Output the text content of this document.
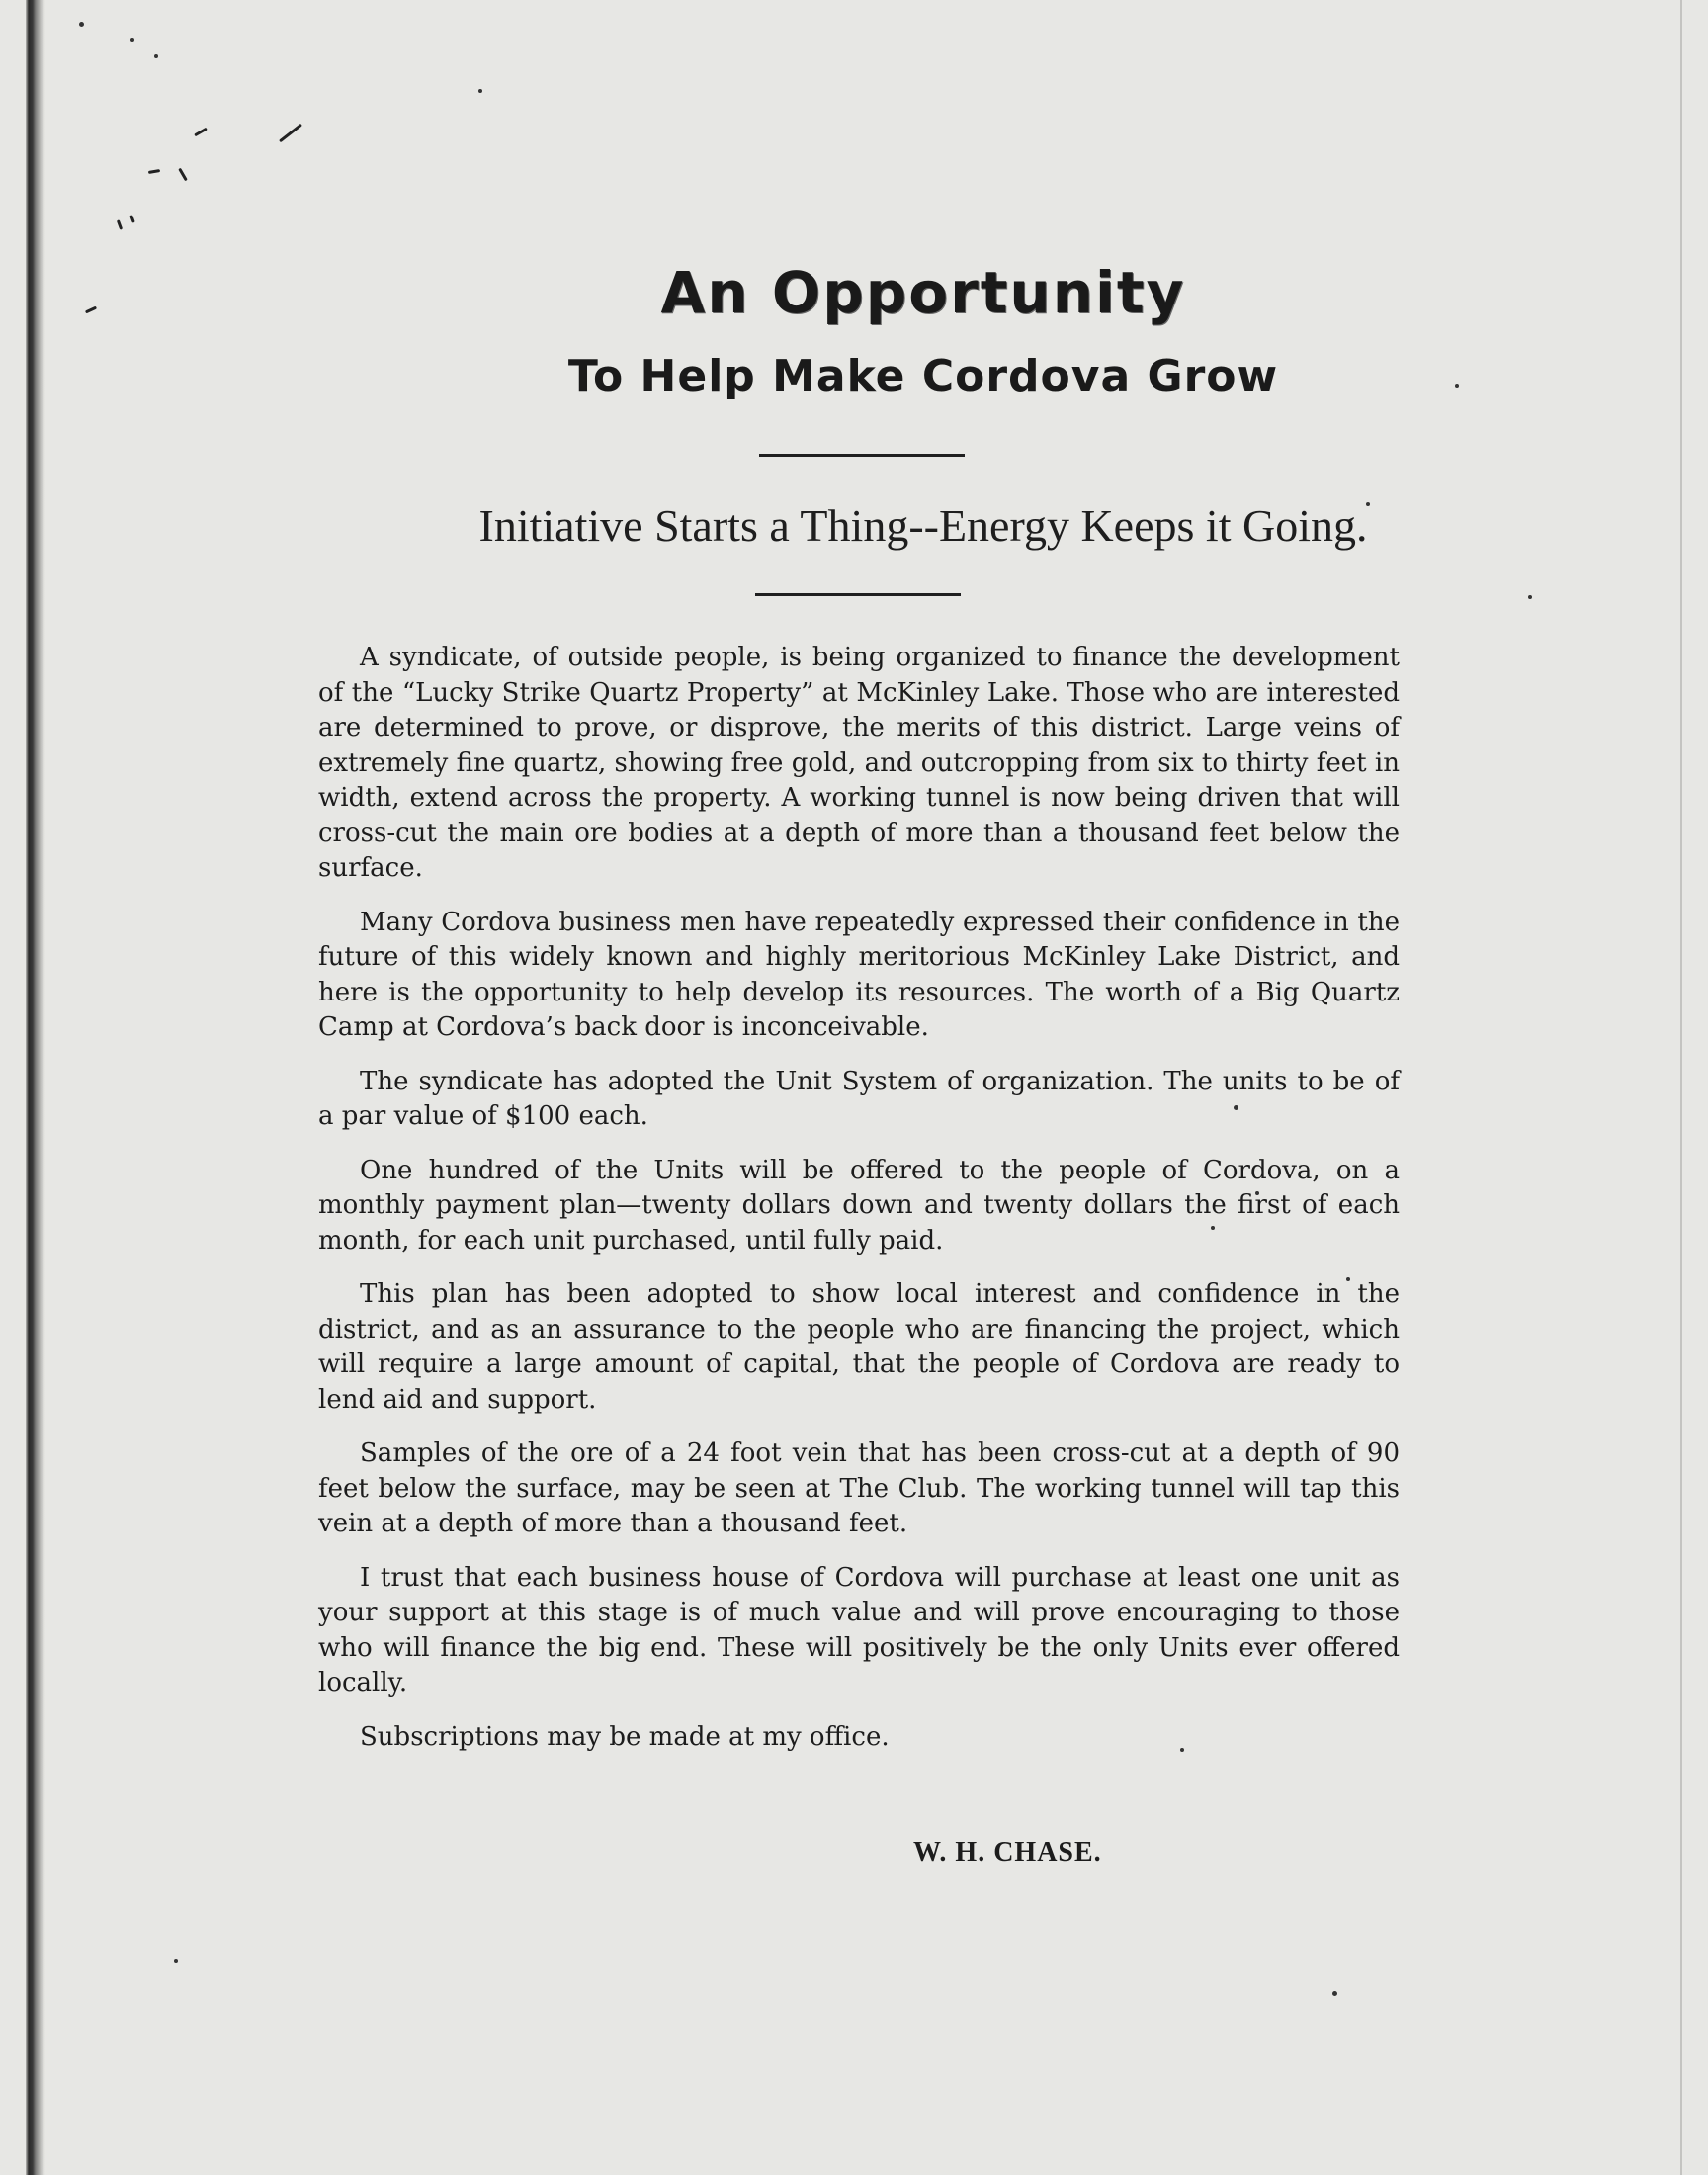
An Opportunity
To Help Make Cordova Grow
Initiative Starts a Thing--Energy Keeps it Going.

A syndicate, of outside people, is being organized to finance the development of the “Lucky Strike Quartz Property” at McKinley Lake. Those who are interested are determined to prove, or disprove, the merits of this district. Large veins of extremely fine quartz, showing free gold, and outcropping from six to thirty feet in width, extend across the property. A working tunnel is now being driven that will cross-cut the main ore bodies at a depth of more than a thousand feet below the surface.

Many Cordova business men have repeatedly expressed their confidence in the future of this widely known and highly meritorious McKinley Lake District, and here is the opportunity to help develop its resources. The worth of a Big Quartz Camp at Cordova’s back door is inconceivable.

The syndicate has adopted the Unit System of organization. The units to be of a par value of $100 each.

One hundred of the Units will be offered to the people of Cordova, on a monthly payment plan—twenty dollars down and twenty dollars the first of each month, for each unit purchased, until fully paid.

This plan has been adopted to show local interest and confidence in the district, and as an assurance to the people who are financing the project, which will require a large amount of capital, that the people of Cordova are ready to lend aid and support.

Samples of the ore of a 24 foot vein that has been cross-cut at a depth of 90 feet below the surface, may be seen at The Club. The working tunnel will tap this vein at a depth of more than a thousand feet.

I trust that each business house of Cordova will purchase at least one unit as your support at this stage is of much value and will prove encouraging to those who will finance the big end. These will positively be the only Units ever offered locally.

Subscriptions may be made at my office.

W. H. CHASE.
